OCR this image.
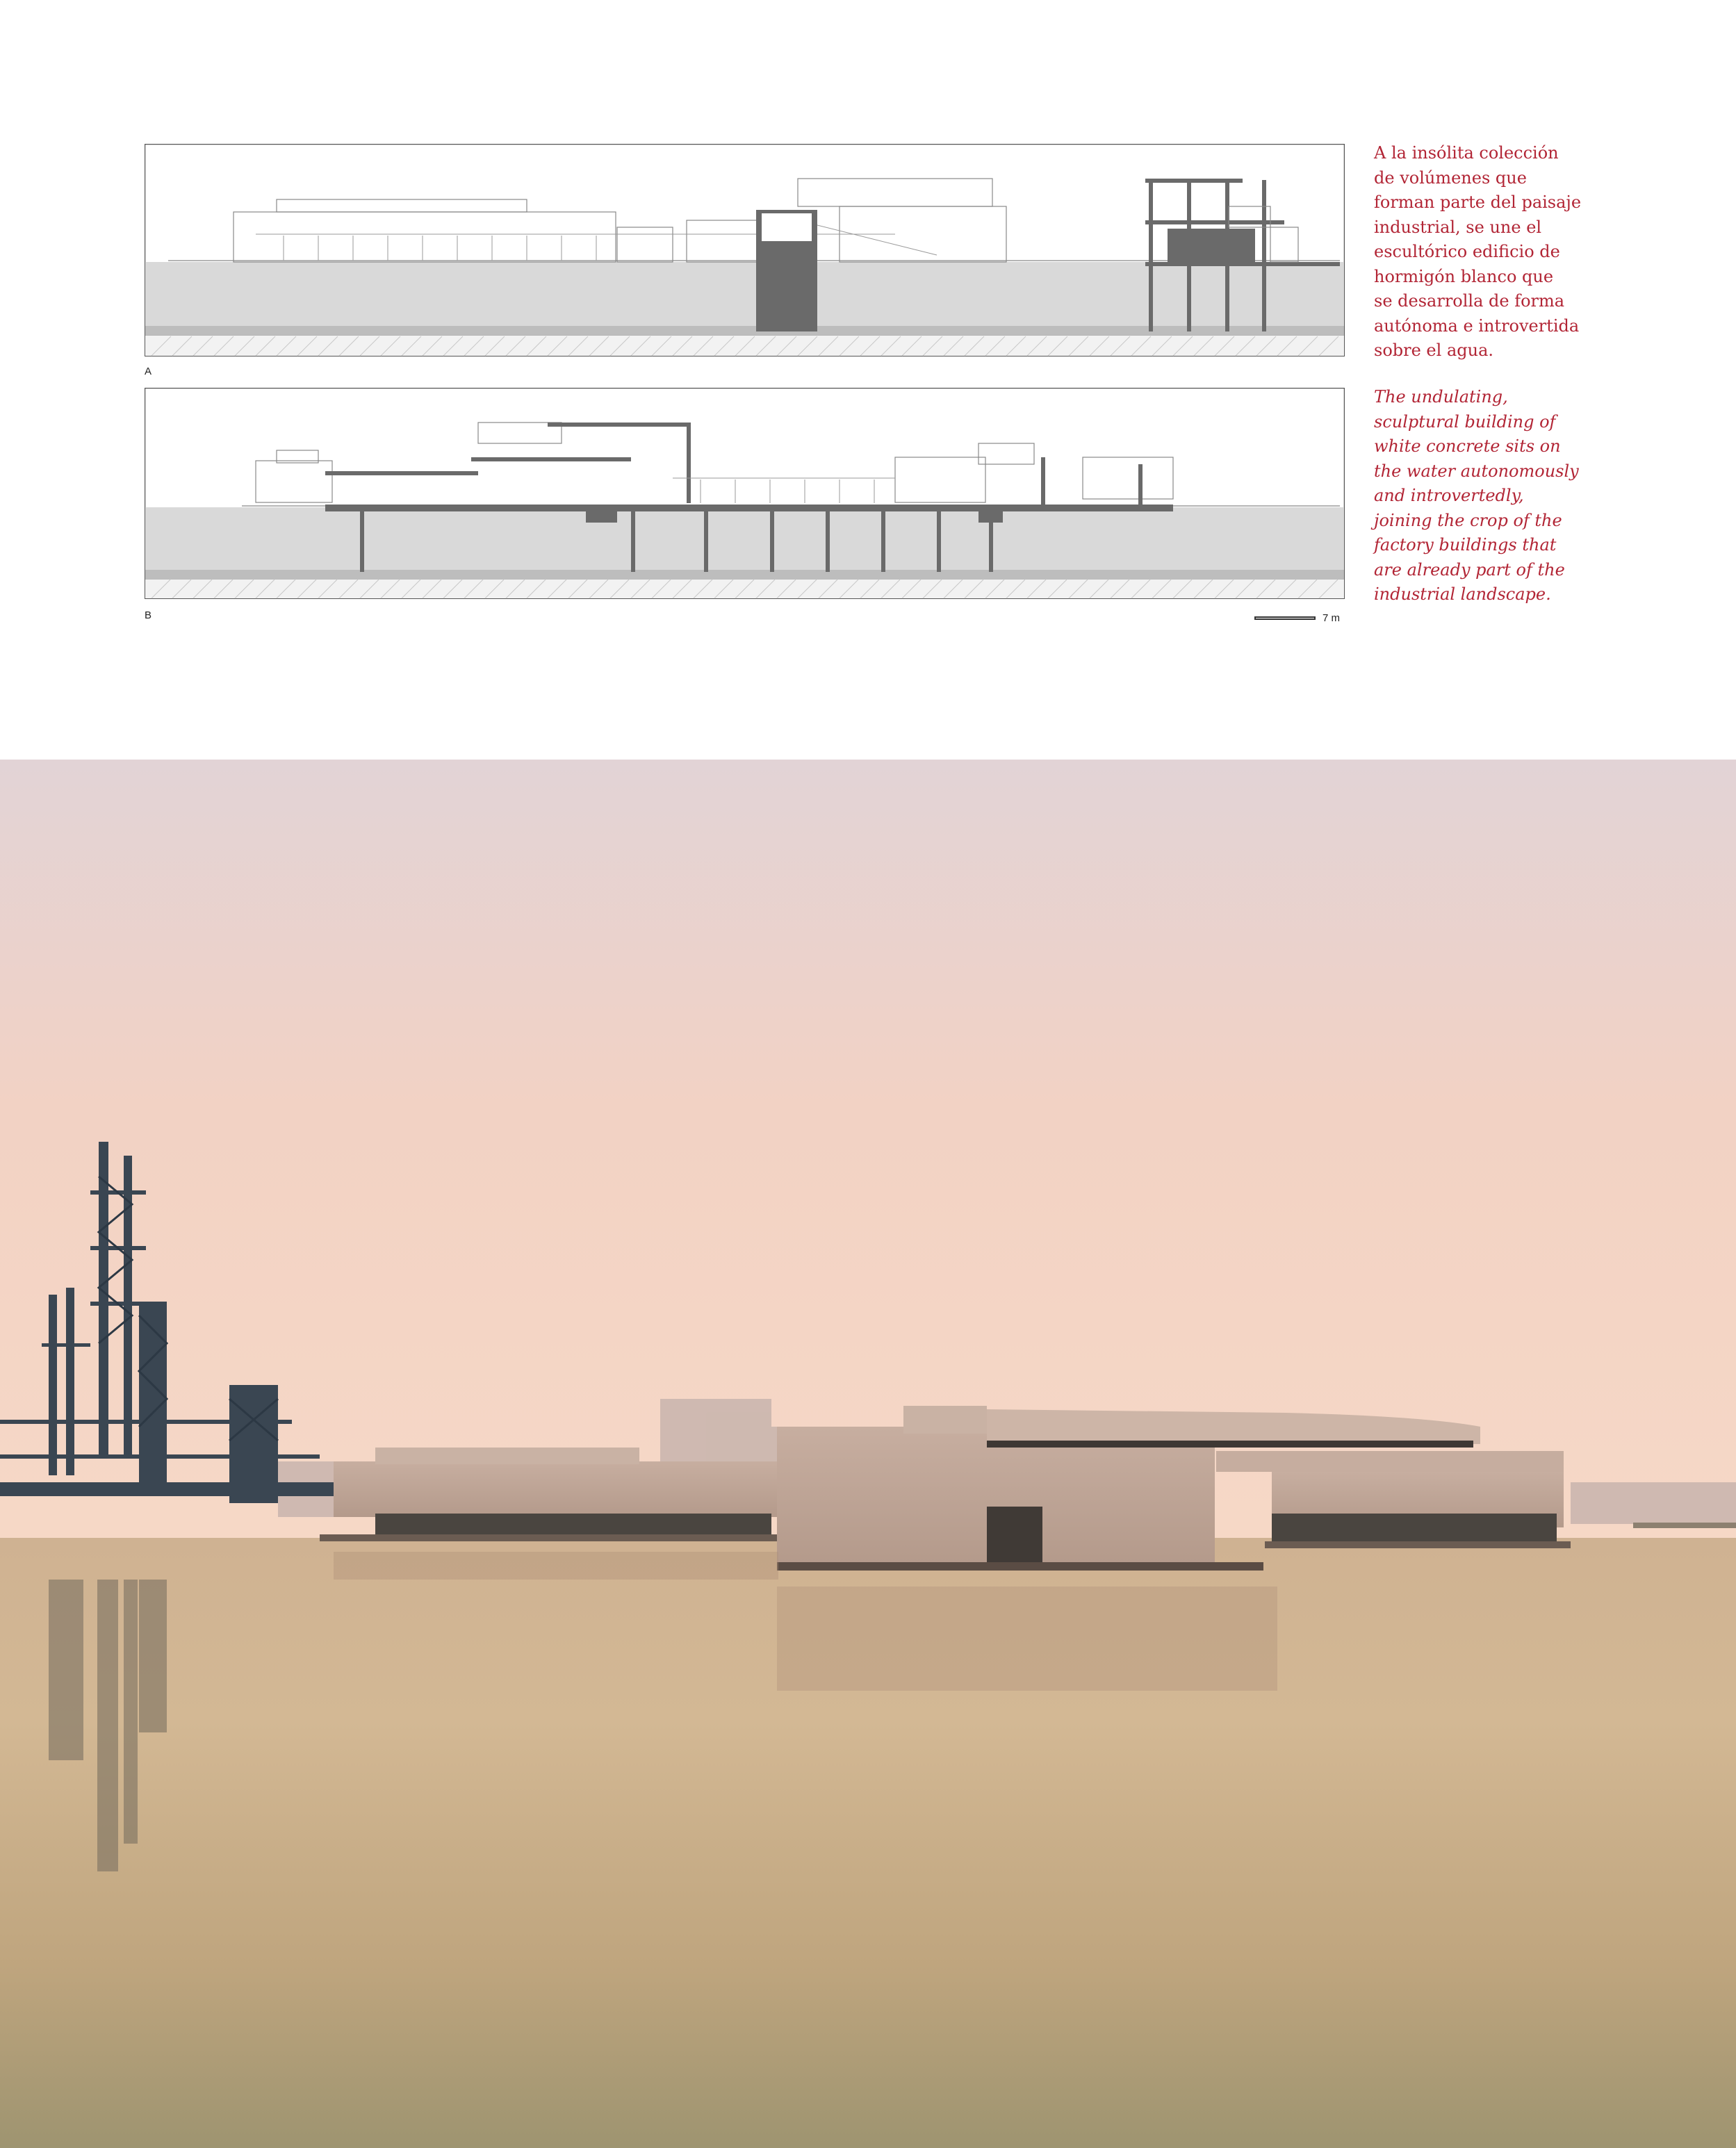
A
B	7 m
A la insólita colección
de volúmenes que
forman parte del paisaje
industrial, se une el
escultórico edificio de
hormigón blanco que
se desarrolla de forma
autónoma e introvertida
sobre el agua.
The undulating,
sculptural building of
white concrete sits on
the water autonomously
and introvertedly,
joining the crop of the
factory buildings that
are already part of the
industrial landscape.
